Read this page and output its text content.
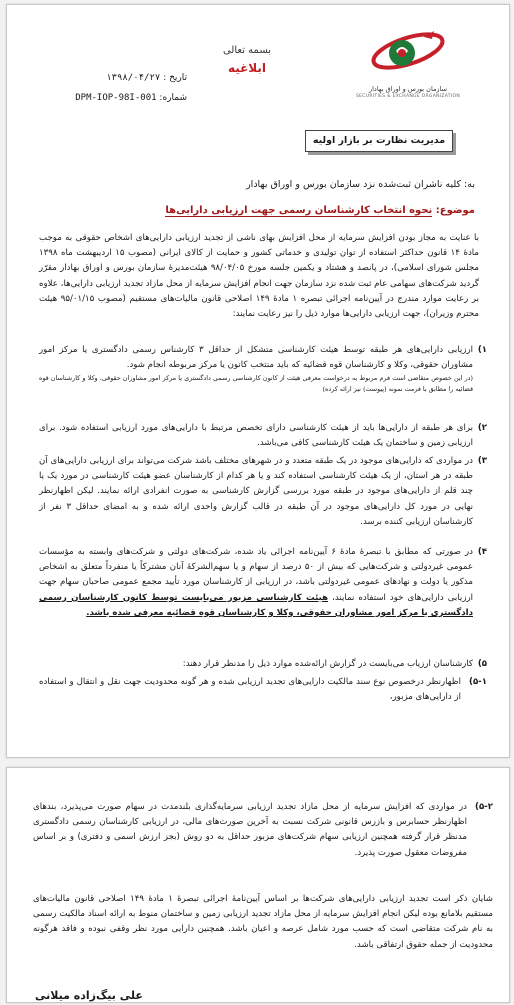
بسمه تعالی
ابلاغیه
سازمان بورس و اوراق بهادار
SECURITIES & EXCHANGE ORGANIZATION
تاریخ : ۱۳۹۸/۰۴/۲۷
شماره: DPM-IOP-98I-001
مدیریت نظارت بر بازار اولیه
به: کلیه ناشران ثبت‌شده نزد سازمان بورس و اوراق بهادار
موضوع: نحوه انتخاب کارشناسان رسمی جهت ارزیابی دارایی‌ها

با عنایت به مجاز بودن افزایش سرمایه از محل افزایش بهای ناشی از تجدید ارزیابی دارایی‌های اشخاص حقوقی به موجب مادهٔ ۱۴ قانون حداکثر استفاده از توان تولیدی و خدماتی کشور و حمایت از کالای ایرانی (مصوب ۱۵ اردیبهشت ماه ۱۳۹۸ مجلس شورای اسلامی)، در پانصد و هشتاد و یکمین جلسه مورخ ۹۸/۰۴/۰۵ هیئت‌مدیرهٔ سازمان بورس و اوراق بهادار مقرّر گردید شرکت‌های سهامی عام ثبت شده نزد سازمان جهت انجام افزایش سرمایه از محل مازاد تجدید ارزیابی دارایی‌ها، علاوه بر رعایت موارد مندرج در آیین‌نامه اجرائی تبصره ۱ مادهٔ ۱۴۹ اصلاحی قانون مالیات‌های مستقیم (مصوب ۹۵/۰۱/۱۵ هیئت محترم وزیران)، جهت ارزیابی دارایی‌ها موارد ذیل را نیز رعایت نمایند:

۱)
ارزیابی دارایی‌های هر طبقه توسط هیئت کارشناسی متشکل از حداقل ۳ کارشناس رسمی دادگستری یا مرکز امور مشاوران حقوقی، وکلا و کارشناسان قوه قضائیه که باید منتخب کانون یا مرکز مربوطه انجام شود.
(در این خصوص متقاضی است فرم مربوط به درخواست معرفی هیئت از کانون کارشناسی رسمی دادگستری یا مرکز امور مشاوران حقوقی، وکلا و کارشناسان قوه قضائیه را مطابق با فرمت نمونه (پیوست) نیز ارائه کرده)
۲)
برای هر طبقه از دارایی‌ها باید از هیئت کارشناسی دارای تخصص مرتبط با دارایی‌های مورد ارزیابی استفاده شود. برای ارزیابی زمین و ساختمان یک هیئت کارشناسی کافی می‌باشد.
۳)
در مواردی که دارایی‌های موجود در یک طبقه متعدد و در شهرهای مختلف باشد شرکت می‌تواند برای ارزیابی دارایی‌های آن طبقه در هر استان، از یک هیئت کارشناسی استفاده کند و یا هر کدام از کارشناسان عضو هیئت کارشناسی در مورد یک یا چند قلم از دارایی‌های موجود در طبقه مورد بررسی گزارش کارشناسی به صورت انفرادی ارائه نمایند. لیکن اظهارنظر نهایی در مورد کل دارایی‌های موجود در آن طبقه در قالب گزارش واحدی ارائه شده و به امضای حداقل ۳ نفر از کارشناسان ارزیابی کننده برسد.
۴)
در صورتی که مطابق با تبصرهٔ مادهٔ ۶ آیین‌نامه اجرائی یاد شده، شرکت‌های دولتی و شرکت‌های وابسته به مؤسسات عمومی غیردولتی و شرکت‌هایی که بیش از ۵۰ درصد از سهام و یا سهم‌الشرکهٔ آنان مشترکاً یا منفرداً متعلق به اشخاص مذکور یا دولت و نهادهای عمومی غیردولتی باشد، در ارزیابی از کارشناسان مورد تأیید مجمع عمومی صاحبان سهام جهت ارزیابی دارایی‌های خود استفاده نمایند، هیئت کارشناسی مزبور می‌بایست توسط کانون کارشناسان رسمی دادگستری یا مرکز امور مشاوران حقوقی، وکلا و کارشناسان قوه قضائیه معرفی شده باشد.
۵)
کارشناسان ارزیاب می‌بایست در گزارش ارائه‌شده موارد ذیل را مدنظر قرار دهند:
۵-۱)
اظهارنظر درخصوص نوع سند مالکیت دارایی‌های تجدید ارزیابی شده و هر گونه محدودیت جهت نقل و انتقال و استفاده از دارایی‌های مزبور،
۵-۲)
در مواردی که افزایش سرمایه از محل مازاد تجدید ارزیابی سرمایه‌گذاری بلندمدت در سهام صورت می‌پذیرد، بندهای اظهارنظر حسابرس و بازرس قانونی شرکت نسبت به آخرین صورت‌های مالی، در ارزیابی کارشناسان رسمی دادگستری مدنظر قرار گرفته همچنین ارزیابی سهام شرکت‌های مزبور حداقل به دو روش (بجز ارزش اسمی و دفتری) و بر اساس مفروضات معقول صورت پذیرد.

شایان ذکر است تجدید ارزیابی دارایی‌های شرکت‌ها بر اساس آیین‌نامهٔ اجرائی تبصرهٔ ۱ مادهٔ ۱۴۹ اصلاحی قانون مالیات‌های مستقیم بلامانع بوده لیکن انجام افزایش سرمایه از محل مازاد تجدید ارزیابی زمین و ساختمان منوط به ارائه اسناد مالکیت رسمی به نام شرکت متقاضی است که حسب مورد شامل عرصه و اعیان باشد. همچنین دارایی مورد نظر وقفی نبوده و فاقد هرگونه محدودیت از جمله حقوق ارتفاقی باشد.

علی بیگ‌زاده میلانی
